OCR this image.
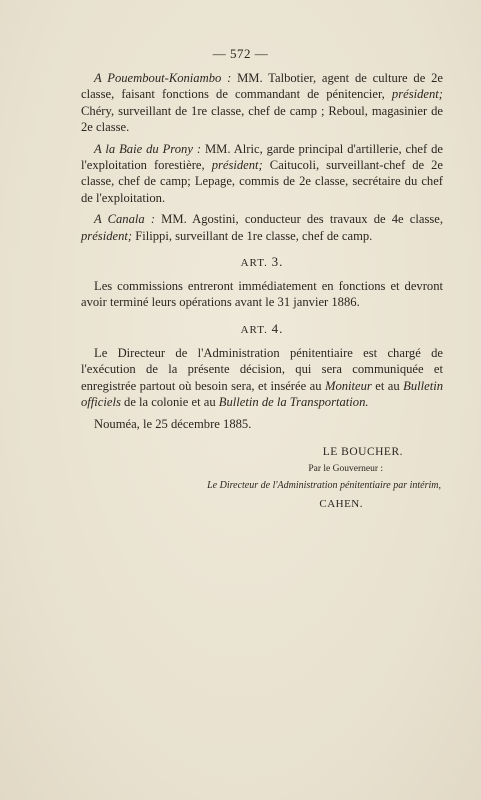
— 572 —

A Pouembout-Koniambo : MM. Talbotier, agent de culture de 2e classe, faisant fonctions de commandant de pénitencier, président; Chéry, surveillant de 1re classe, chef de camp ; Reboul, magasinier de 2e classe.

A la Baie du Prony : MM. Alric, garde principal d'artillerie, chef de l'exploitation forestière, président; Caitucoli, surveillant-chef de 2e classe, chef de camp; Lepage, commis de 2e classe, secrétaire du chef de l'exploitation.

A Canala : MM. Agostini, conducteur des travaux de 4e classe, président; Filippi, surveillant de 1re classe, chef de camp.

ART. 3.

Les commissions entreront immédiatement en fonctions et devront avoir terminé leurs opérations avant le 31 janvier 1886.

ART. 4.

Le Directeur de l'Administration pénitentiaire est chargé de l'exécution de la présente décision, qui sera communiquée et enregistrée partout où besoin sera, et insérée au Moniteur et au Bulletin officiels de la colonie et au Bulletin de la Transportation.

Nouméa, le 25 décembre 1885.

LE BOUCHER.
Par le Gouverneur :
Le Directeur de l'Administration pénitentiaire par intérim,
CAHEN.
